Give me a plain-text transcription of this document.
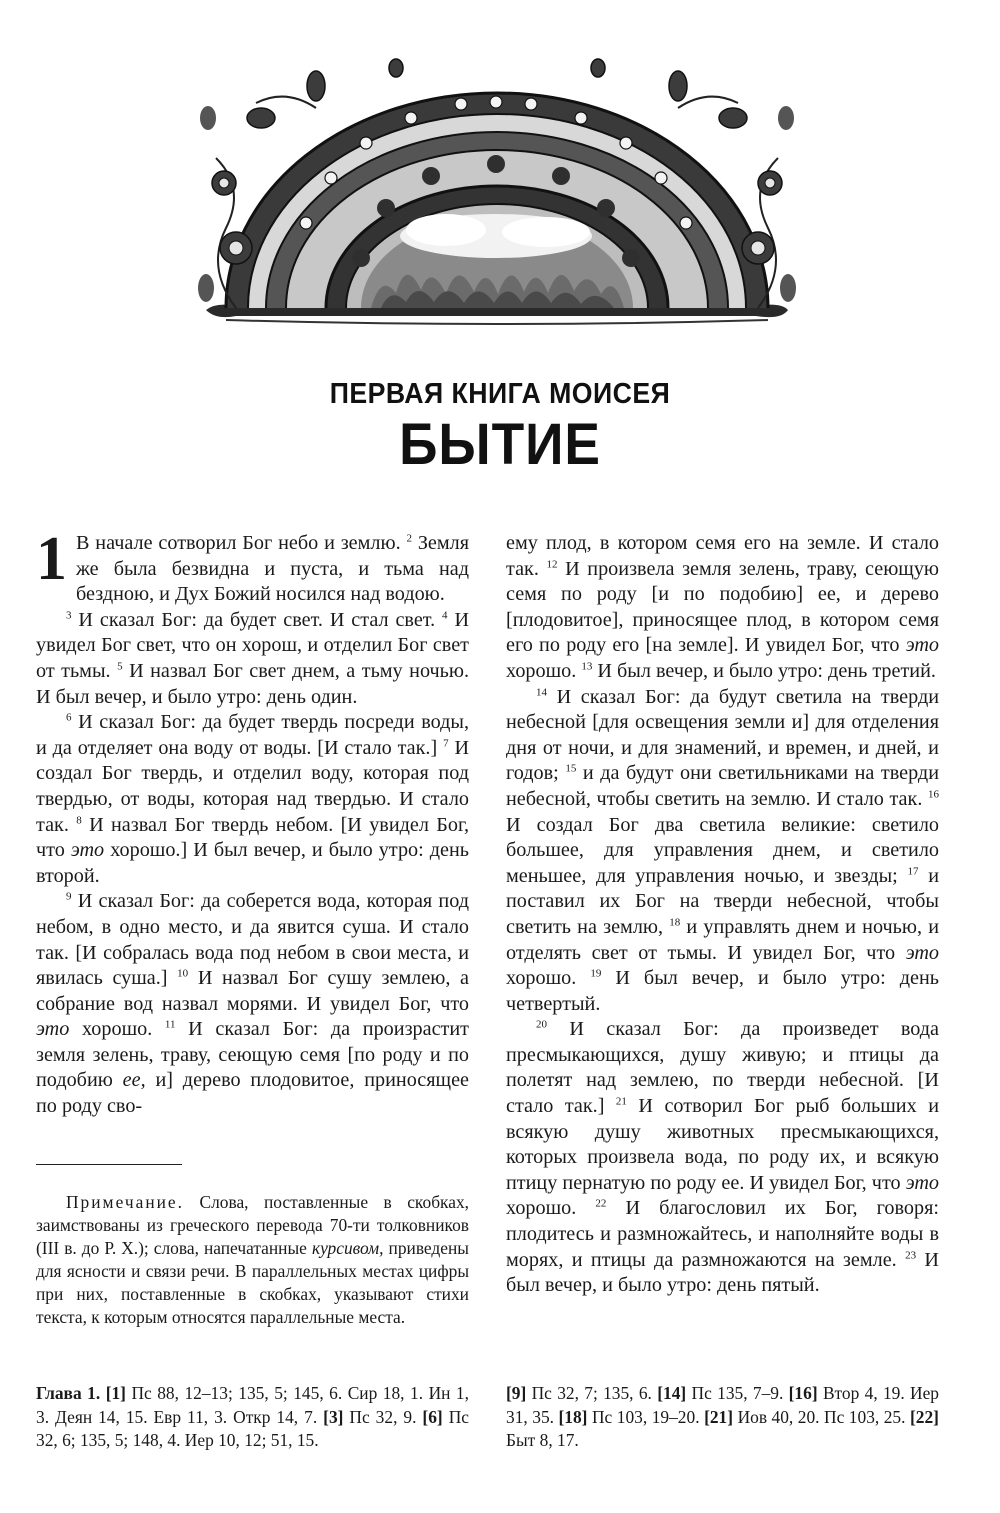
ПЕРВАЯ КНИГА МОИСЕЯ
БЫТИЕ

1 В начале сотворил Бог небо и землю. $^2$ Земля же была безвидна и пуста, и тьма над бездною, и Дух Божий носился над водою.

$^3$ И сказал Бог: да будет свет. И стал свет. $^4$ И увидел Бог свет, что он хорош, и отделил Бог свет от тьмы. $^5$ И назвал Бог свет днем, а тьму ночью. И был вечер, и было утро: день один.

$^6$ И сказал Бог: да будет твердь посреди воды, и да отделяет она воду от воды. [И стало так.] $^7$ И создал Бог твердь, и отделил воду, которая под твердью, от воды, которая над твердью. И стало так. $^8$ И назвал Бог твердь небом. [И увидел Бог, что это хорошо.] И был вечер, и было утро: день второй.

$^9$ И сказал Бог: да соберется вода, которая под небом, в одно место, и да явится суша. И стало так. [И собралась вода под небом в свои места, и явилась суша.] $^{10}$ И назвал Бог сушу землею, а собрание вод назвал морями. И увидел Бог, что это хорошо. $^{11}$ И сказал Бог: да произрастит земля зелень, траву, сеющую семя [по роду и по подобию ее, и] дерево плодовитое, приносящее по роду сво-

ему плод, в котором семя его на земле. И стало так. $^{12}$ И произвела земля зелень, траву, сеющую семя по роду [и по подобию] ее, и дерево [плодовитое], приносящее плод, в котором семя его по роду его [на земле]. И увидел Бог, что это хорошо. $^{13}$ И был вечер, и было утро: день третий.

$^{14}$ И сказал Бог: да будут светила на тверди небесной [для освещения земли и] для отделения дня от ночи, и для знамений, и времен, и дней, и годов; $^{15}$ и да будут они светильниками на тверди небесной, чтобы светить на землю. И стало так. $^{16}$ И создал Бог два светила великие: светило большее, для управления днем, и светило меньшее, для управления ночью, и звезды; $^{17}$ и поставил их Бог на тверди небесной, чтобы светить на землю, $^{18}$ и управлять днем и ночью, и отделять свет от тьмы. И увидел Бог, что это хорошо. $^{19}$ И был вечер, и было утро: день четвертый.

$^{20}$ И сказал Бог: да произведет вода пресмыкающихся, душу живую; и птицы да полетят над землею, по тверди небесной. [И стало так.] $^{21}$ И сотворил Бог рыб больших и всякую душу животных пресмыкающихся, которых произвела вода, по роду их, и всякую птицу пернатую по роду ее. И увидел Бог, что это хорошо. $^{22}$ И благословил их Бог, говоря: плодитесь и размножайтесь, и наполняйте воды в морях, и птицы да размножаются на земле. $^{23}$ И был вечер, и было утро: день пятый.

Примечание. Слова, поставленные в скобках, заимствованы из греческого перевода 70-ти толковников (III в. до Р. Х.); слова, напечатанные курсивом, приведены для ясности и связи речи. В параллельных местах цифры при них, поставленные в скобках, указывают стихи текста, к которым относятся параллельные места.

Глава 1. [1] Пс 88, 12–13; 135, 5; 145, 6. Сир 18, 1. Ин 1, 3. Деян 14, 15. Евр 11, 3. Откр 14, 7. [3] Пс 32, 9. [6] Пс 32, 6; 135, 5; 148, 4. Иер 10, 12; 51, 15.

[9] Пс 32, 7; 135, 6. [14] Пс 135, 7–9. [16] Втор 4, 19. Иер 31, 35. [18] Пс 103, 19–20. [21] Иов 40, 20. Пс 103, 25. [22] Быт 8, 17.
